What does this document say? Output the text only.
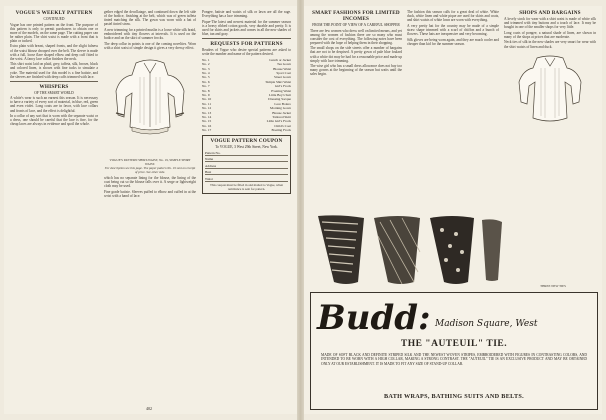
VOGUE'S WEEKLY PATTERN
CONTINUED

Vogue has one printed pattern on the front. The purpose of this pattern is only to permit purchasers to obtain one or more of the models, on the same page. The cutting paper can be rather plain. The shirt waist is made with a front that is plain or tucked.

Extra plain with breast, shaped fronts, and the slight fulness of the waist blouse drooped over the belt. The sleeve is made with a full, loose flare shaped elbow and deep cuff fitted to the wrist. A fancy lace collar finishes the neck.

This shirt waist laid on plaid, grey, taffeta, silk, brown, black and colored linen, is shown with fine tucks to simulate a yoke. The material used for this model is a fine batiste, and the sleeves are finished with deep cuffs trimmed with lace.

WHISPERS
OF THE SMART WORLD

A white's wear is such an earnest this season. It is necessary to have a variety of every sort of material, in blue, red, green and even violet. Long coats are in favor, with lace collars and fronts of lace, and the effect is delightful.

In a collar of any sort that is worn with the separate waist or a dress, one should be careful that the lace is fine, for the cheap laces are always in evidence and spoil the whole.

gether edged the decollatage, and continued down the left side of the bodice, finishing at the belt, which was of green taffeta tinted matching the silk. The gown was worn with a hat of pastel tinted straw.

A new trimming for a printed muslin is a loose white silk braid, embroidered with tiny flowers at intervals. It is used on the bodice and on the skirt of summer frocks.

The deep collar in points is one of the coming novelties. Worn with a shirt waist of simple design it gives a very dressy effect.

VOGUE'S PATTERN SHIRT-WAIST, No. 19, SIMPLE SHIRT WAIST.
For description see this page. The paper pattern No. 19 sent on receipt of price. See other side.

which has no separate lining for the blouse, the lining of the coat being cut so the blouse falls over it. A serge or lightweight cloth may be used.

Fine grade batiste. Sleeves puffed to elbow and cuffed in at the wrist with a band of lace.

Pongee, batiste and waists of silk or lawn are all the rage. Everything has a lace trimming.

Pique-The latest and newest material for the summer season is a heavy ribbed cotton goods, very durable and pretty. It is used for skirts and jackets and comes in all the new shades of blue, tan and gray.

REQUESTS FOR PATTERNS

Readers of Vogue who desire special patterns are asked to write the number and name of the pattern desired.

No. 1	Lunch or Jacket
No. 2	Tea Gown
No. 3	Blouse Waist
No. 4	Sport Coat
No. 5	Street Gown
No. 6	Simple Shirt Waist
No. 7	Girl's Frock
No. 8	Evening Waist
No. 9	Little Boy's Suit
No. 10	Dressing Sacque
No. 11	Lace Bolero
No. 12	Morning Gown
No. 13	Blouse Jacket
No. 14	Tailored Skirt
No. 15	Little Girl's Frock
No. 16	Child's Coat
No. 17	Boating Frock
VOGUE PATTERN COUPON
To VOGUE, 3 West 29th Street, New York.
Pattern No.
Name
Address
Bust
Waist
This coupon must be filled in and mailed to Vogue, when remittance is sent for pattern.
402
SMART FASHIONS FOR LIMITED INCOMES
FROM THE POINT OF VIEW OF A CAREFUL SHOPPER

There are few women who dress well on limited means, and yet among the women of fashion there are so many who must consider the cost of everything. The following notes have been prepared with the hope of helping them in their shopping.

The small shops on the side streets offer a number of bargains that are not to be despised. A pretty gown of pale blue foulard with a white dot may be had for a reasonable price and made up simply with lace trimming.

The wise girl who has a small dress allowance does not buy too many gowns at the beginning of the season but waits until the sales begin.

The fashion this season calls for a great deal of white. White duck, white linen and white pique are used for skirts and coats, and shirt waists of white lawn are worn with everything.

A very pretty hat for the country may be made of a simple straw shape trimmed with a scarf of chiffon and a bunch of flowers. These hats are inexpensive and very becoming.

Silk gloves are being worn again, and they are much cooler and cheaper than kid for the summer season.

SHOPS AND BARGAINS

A lovely stock for wear with a shirt waist is made of white silk and trimmed with tiny buttons and a touch of lace. It may be bought in one of the smaller shops for very little.

Long coats of pongee, a natural shade of linen, are shown in many of the shops at prices that are moderate.

Neck ties of silk in the new shades are very smart for wear with the shirt waists of linen and duck.

THREE NEW TIES
Budd: Madison Square, West
THE "AUTEUIL" TIE.
MADE OF SOFT BLACK AND DEFINITE STRIPED SILK AND THE NEWEST WOVEN STRIPES, EMBROIDERED WITH FIGURES IN CONTRASTING COLORS, AND INTENDED TO BE WORN WITH A HIGH COLLAR, MAKING A STRONG CONTRAST. THE "AUTEUIL" TIE IS AN EXCLUSIVE PRODUCT AND MAY BE OBTAINED ONLY AT OUR ESTABLISHMENT. IT IS MADE TO FIT ANY SIZE OF STAND-UP COLLAR.
BATH WRAPS, BATHING SUITS AND BELTS.
